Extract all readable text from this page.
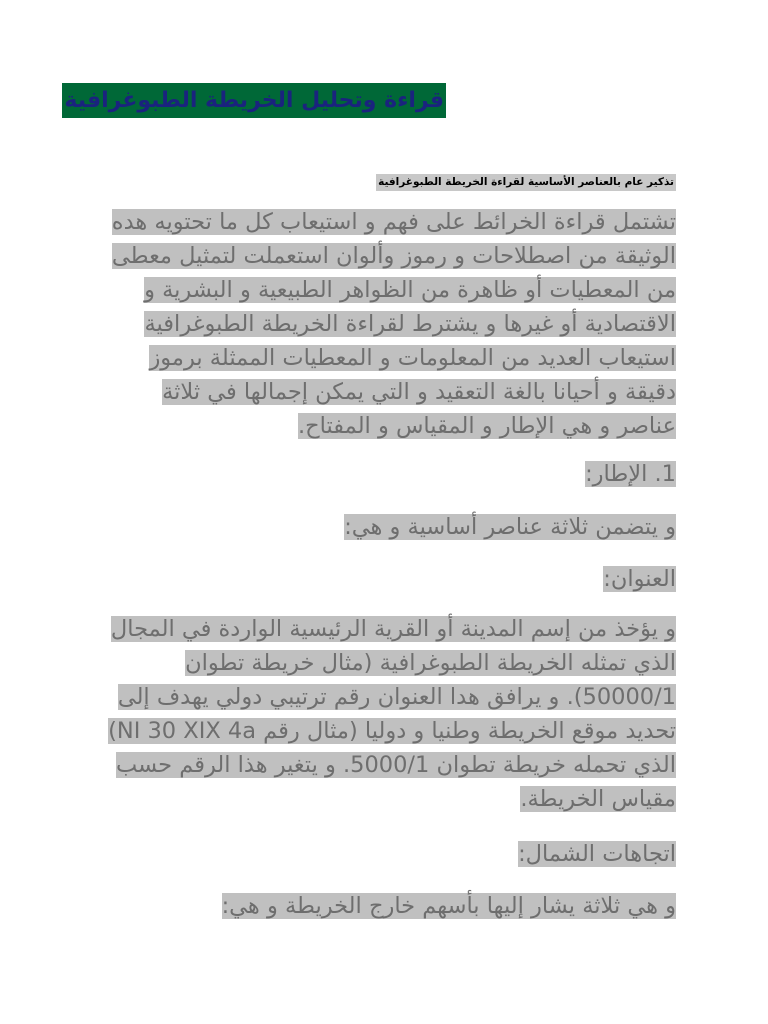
قراءة وتحليل الخريطة الطبوغرافية
تذكير عام بالعناصر الأساسية لقراءة الخريطة الطبوغرافية
تشتمل قراءة الخرائط على فهم و استيعاب كل ما تحتويه هده الوثيقة من اصطلاحات و رموز وألوان استعملت لتمثيل معطى من المعطيات أو ظاهرة من الظواهر الطبيعية و البشرية و الاقتصادية أو غيرها و يشترط لقراءة الخريطة الطبوغرافية استيعاب العديد من المعلومات و المعطيات الممثلة برموز دقيقة و أحيانا بالغة التعقيد و التي يمكن إجمالها في ثلاثة عناصر و هي الإطار و المقياس و المفتاح.
1. الإطار:
و يتضمن ثلاثة عناصر أساسية و هي:
العنوان:
و يؤخذ من إسم المدينة أو القرية الرئيسية الواردة في المجال الذي تمثله الخريطة الطبوغرافية (مثال خريطة تطوان 50000/1). و يرافق هدا العنوان رقم ترتيبي دولي يهدف إلى تحديد موقع الخريطة وطنيا و دوليا (مثال رقم NI 30 XIX 4a) الذي تحمله خريطة تطوان 5000/1. و يتغير هذا الرقم حسب مقياس الخريطة.
اتجاهات الشمال:
و هي ثلاثة يشار إليها بأسهم خارج الخريطة و هي:
